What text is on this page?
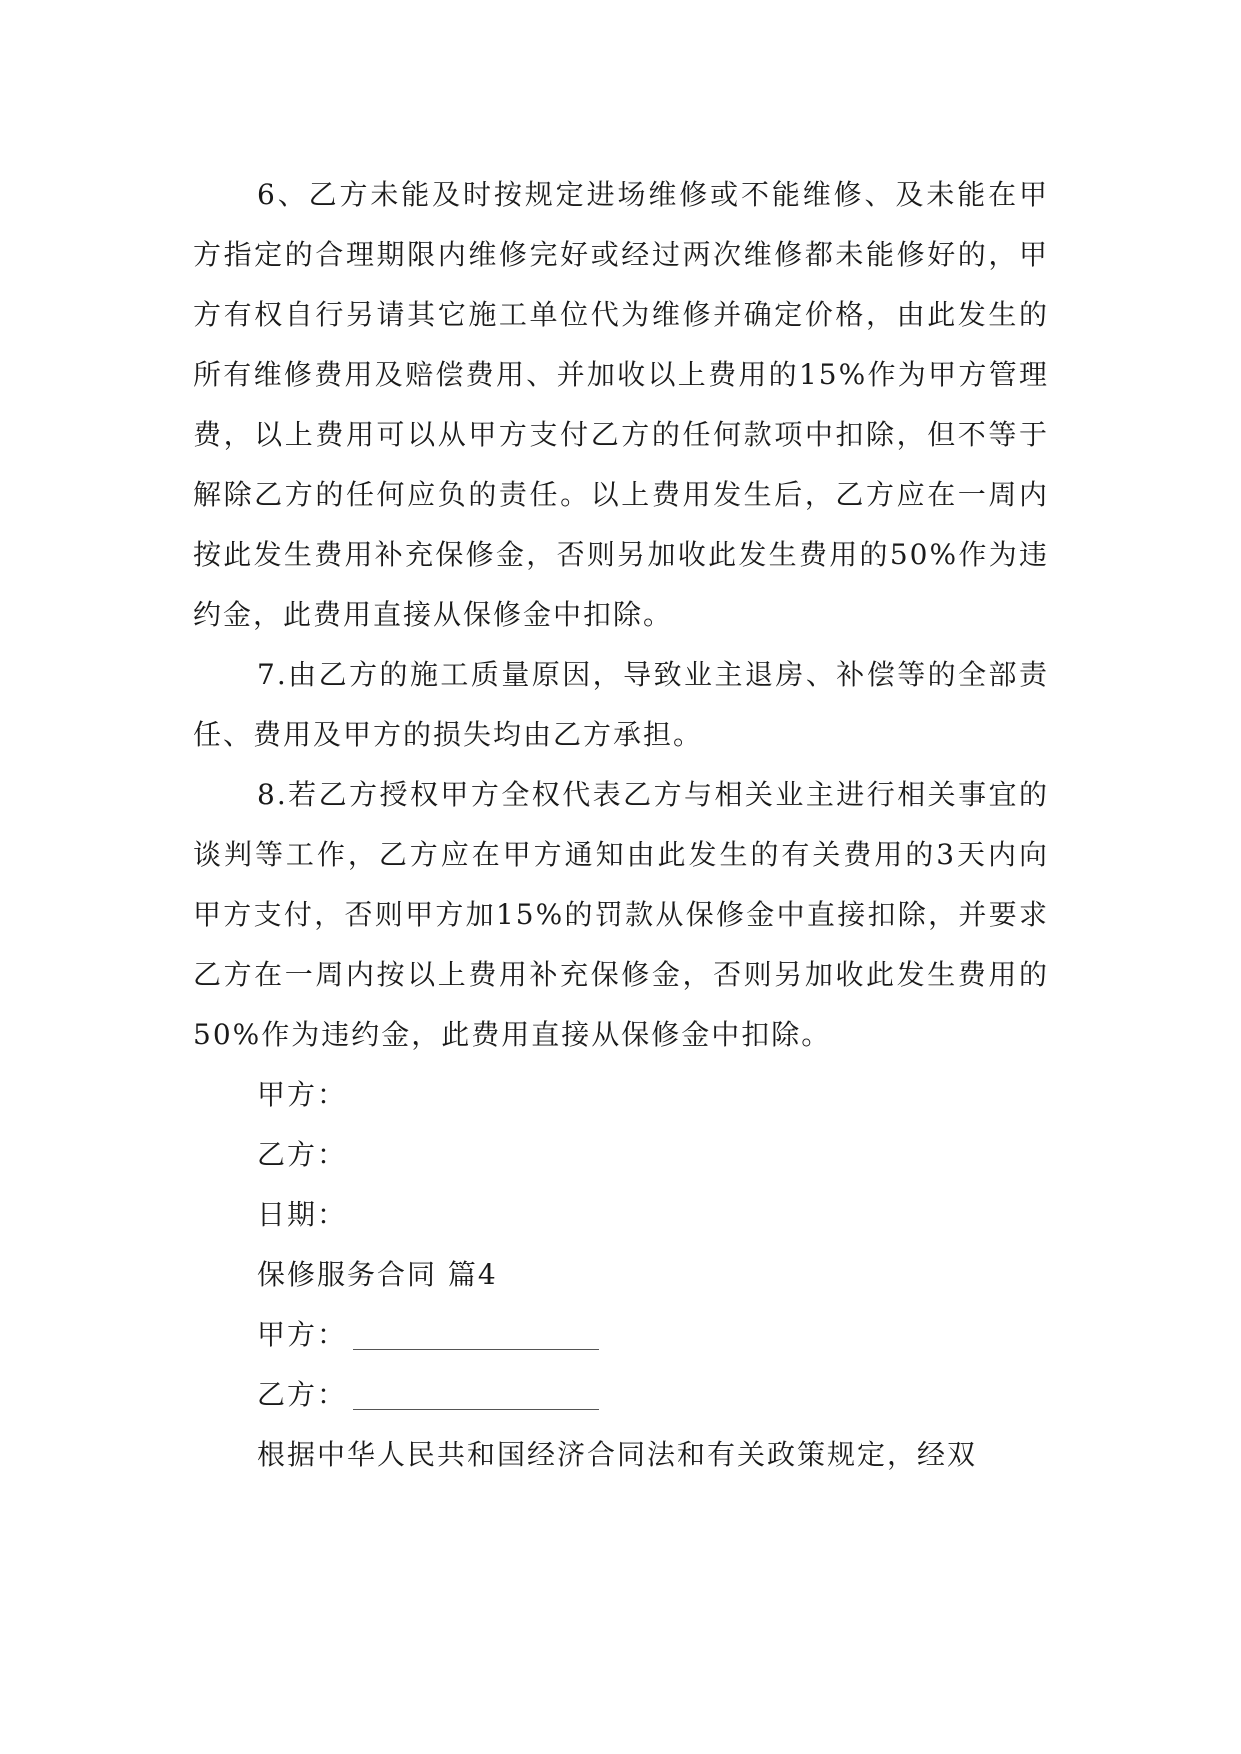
6、乙方未能及时按规定进场维修或不能维修、及未能在甲方指定的合理期限内维修完好或经过两次维修都未能修好的，甲方有权自行另请其它施工单位代为维修并确定价格，由此发生的所有维修费用及赔偿费用、并加收以上费用的15%作为甲方管理费，以上费用可以从甲方支付乙方的任何款项中扣除，但不等于解除乙方的任何应负的责任。以上费用发生后，乙方应在一周内按此发生费用补充保修金，否则另加收此发生费用的50%作为违约金，此费用直接从保修金中扣除。

7.由乙方的施工质量原因，导致业主退房、补偿等的全部责任、费用及甲方的损失均由乙方承担。

8.若乙方授权甲方全权代表乙方与相关业主进行相关事宜的谈判等工作，乙方应在甲方通知由此发生的有关费用的3天内向甲方支付，否则甲方加15%的罚款从保修金中直接扣除，并要求乙方在一周内按以上费用补充保修金，否则另加收此发生费用的50%作为违约金，此费用直接从保修金中扣除。

甲方：

乙方：

日期：

保修服务合同 篇4

甲方：

乙方：

根据中华人民共和国经济合同法和有关政策规定，经双
